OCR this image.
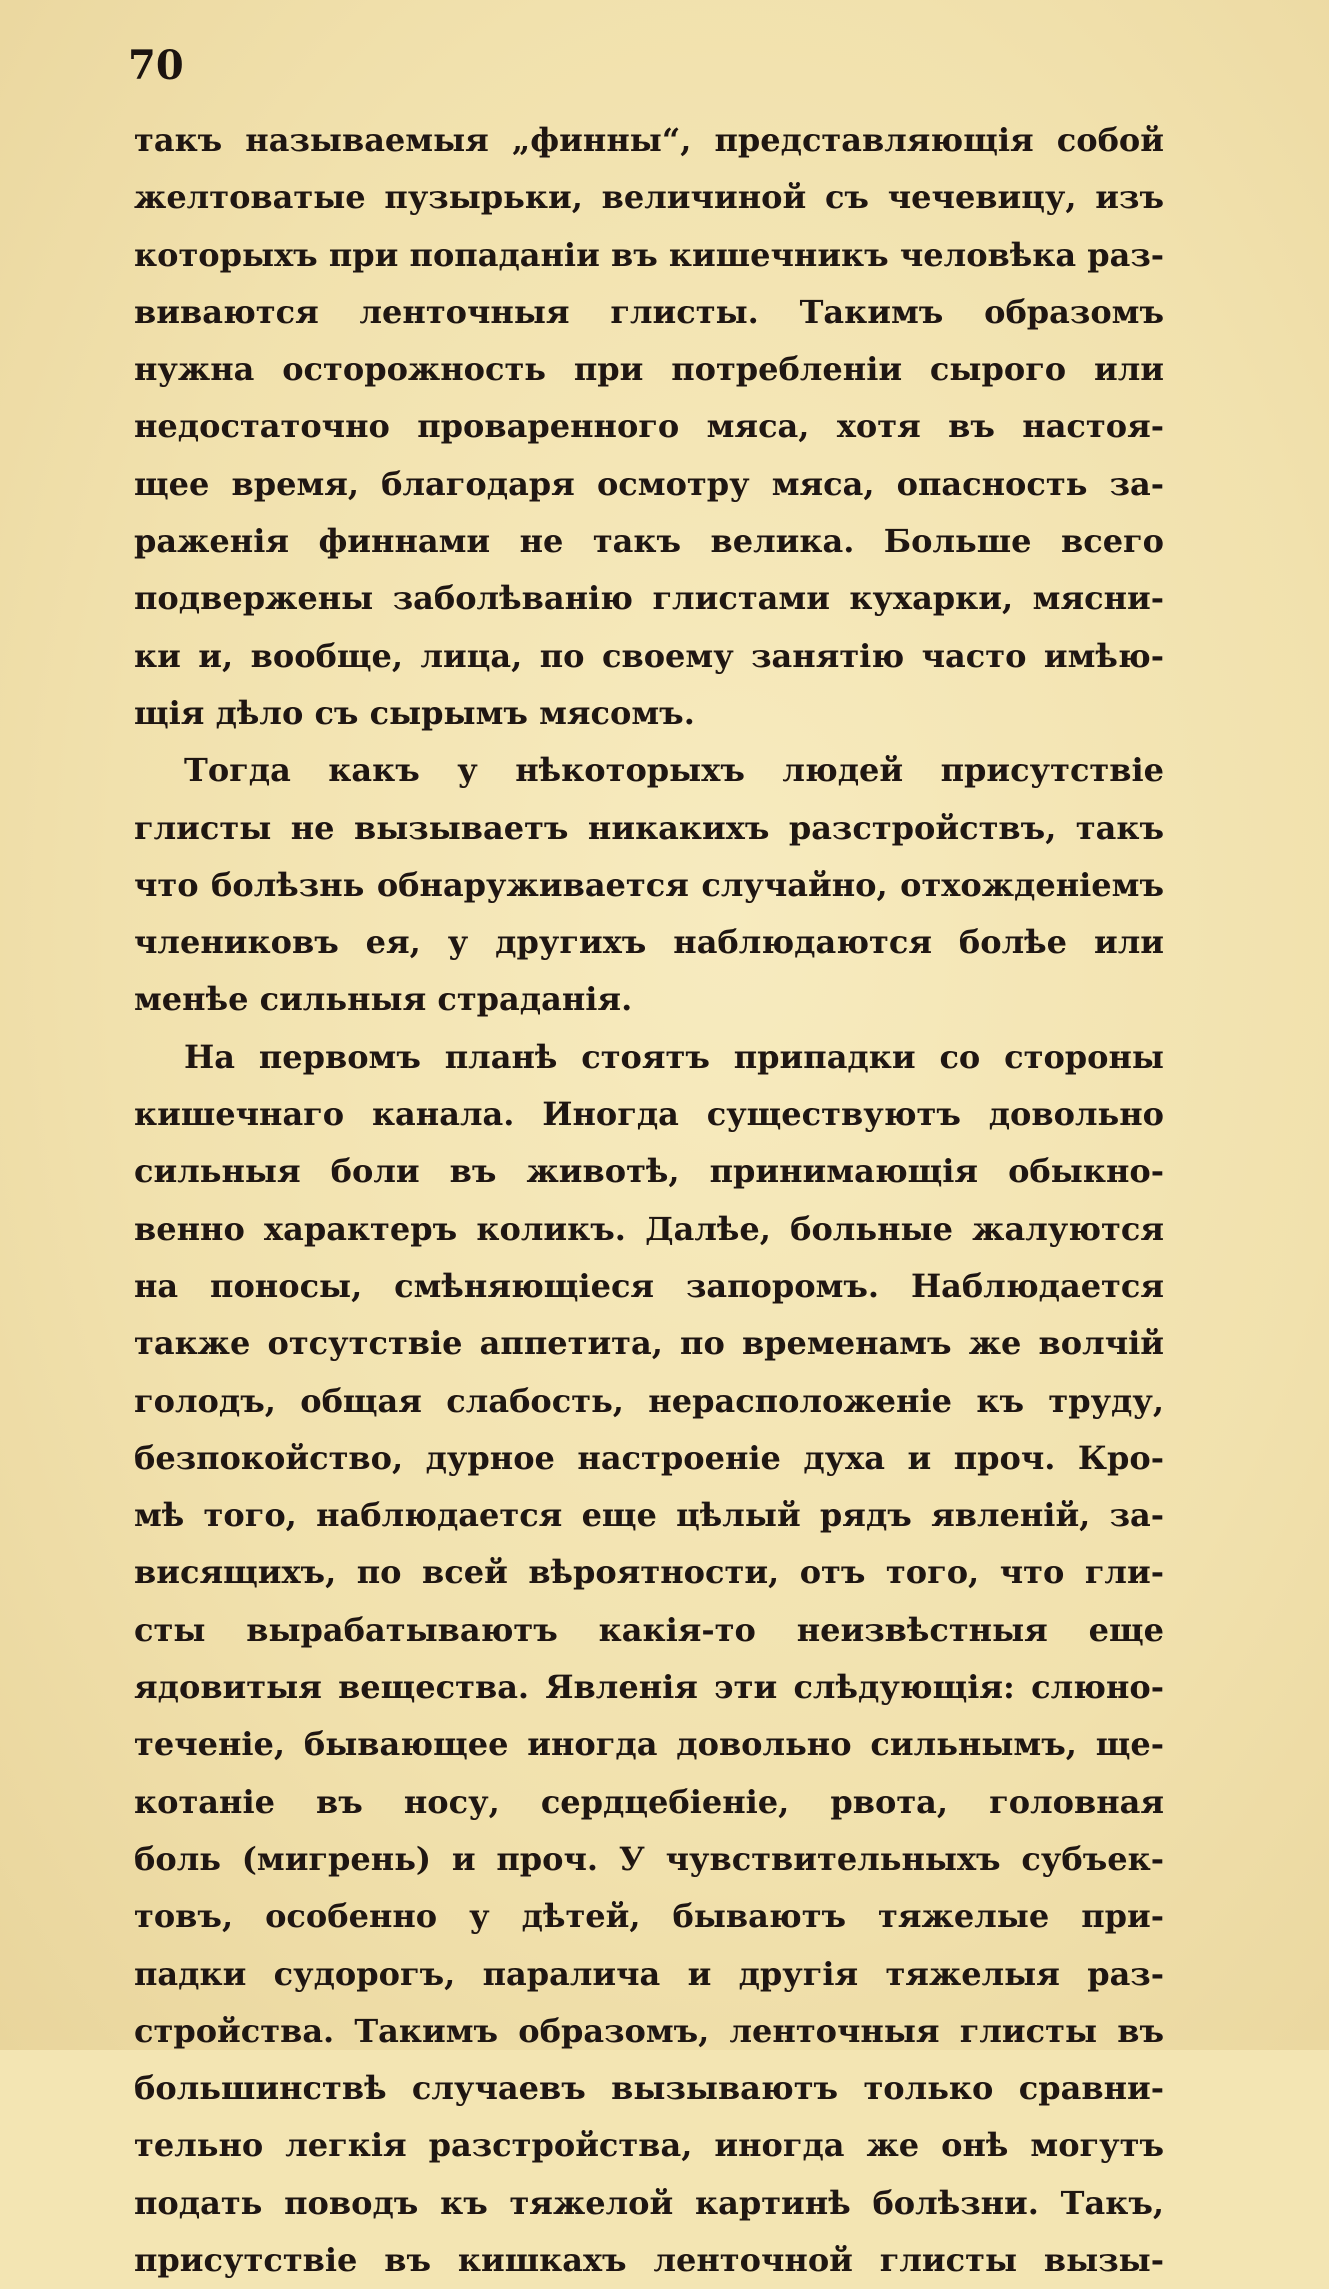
70
такъ называемыя „финны“, представляющія собой
желтоватые пузырьки, величиной съ чечевицу, изъ
которыхъ при попаданіи въ кишечникъ человѣка раз-
виваются ленточныя глисты. Такимъ образомъ
нужна осторожность при потребленіи сырого или
недостаточно проваренного мяса, хотя въ настоя-
щее время, благодаря осмотру мяса, опасность за-
раженія финнами не такъ велика. Больше всего
подвержены заболѣванію глистами кухарки, мясни-
ки и, вообще, лица, по своему занятію часто имѣю-
щія дѣло съ сырымъ мясомъ.
Тогда какъ у нѣкоторыхъ людей присутствіе
глисты не вызываетъ никакихъ разстройствъ, такъ
что болѣзнь обнаруживается случайно, отхожденіемъ
члениковъ ея, у другихъ наблюдаются болѣе или
менѣе сильныя страданія.
На первомъ планѣ стоятъ припадки со стороны
кишечнаго канала. Иногда существуютъ довольно
сильныя боли въ животѣ, принимающія обыкно-
венно характеръ коликъ. Далѣе, больные жалуются
на поносы, смѣняющіеся запоромъ. Наблюдается
также отсутствіе аппетита, по временамъ же волчій
голодъ, общая слабость, нерасположеніе къ труду,
безпокойство, дурное настроеніе духа и проч. Кро-
мѣ того, наблюдается еще цѣлый рядъ явленій, за-
висящихъ, по всей вѣроятности, отъ того, что гли-
сты вырабатываютъ какія-то неизвѣстныя еще
ядовитыя вещества. Явленія эти слѣдующія: слюно-
теченіе, бывающее иногда довольно сильнымъ, ще-
котаніе въ носу, сердцебіеніе, рвота, головная
боль (мигрень) и проч. У чувствительныхъ субъек-
товъ, особенно у дѣтей, бываютъ тяжелые при-
падки судорогъ, паралича и другія тяжелыя раз-
стройства. Такимъ образомъ, ленточныя глисты въ
большинствѣ случаевъ вызываютъ только сравни-
тельно легкія разстройства, иногда же онѣ могутъ
подать поводъ къ тяжелой картинѣ болѣзни. Такъ,
присутствіе въ кишкахъ ленточной глисты вызы-
